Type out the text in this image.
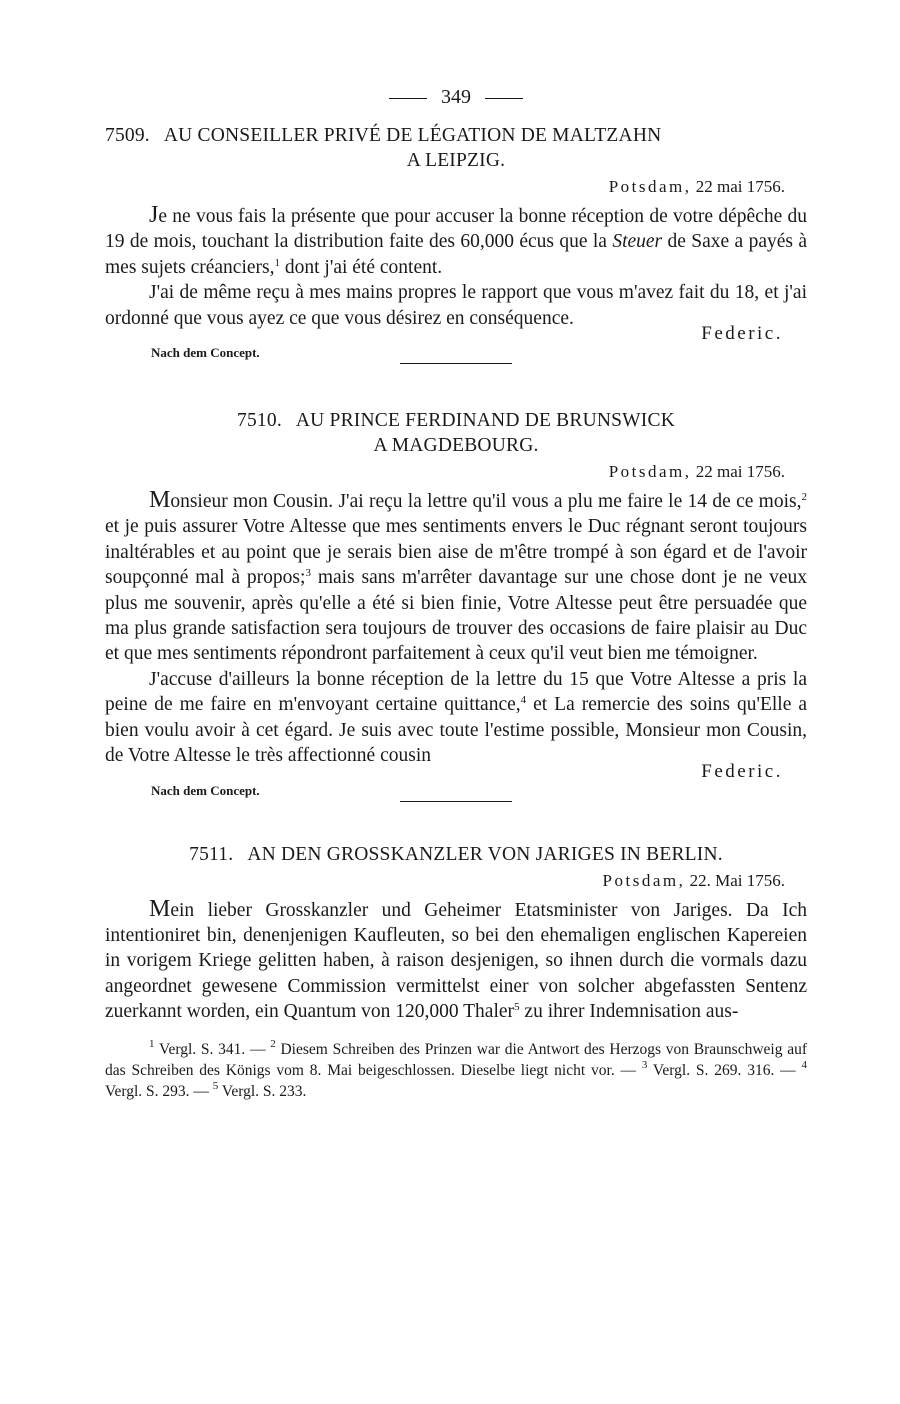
349
7509. AU CONSEILLER PRIVÉ DE LÉGATION DE MALTZAHN
A LEIPZIG.
Potsdam, 22 mai 1756.

Je ne vous fais la présente que pour accuser la bonne réception de votre dépêche du 19 de mois, touchant la distribution faite des 60,000 écus que la Steuer de Saxe a payés à mes sujets créanciers,$^1$ dont j'ai été content.

J'ai de même reçu à mes mains propres le rapport que vous m'avez fait du 18, et j'ai ordonné que vous ayez ce que vous désirez en conséquence.

Federic.
Nach dem Concept.
7510. AU PRINCE FERDINAND DE BRUNSWICK
A MAGDEBOURG.
Potsdam, 22 mai 1756.

Monsieur mon Cousin. J'ai reçu la lettre qu'il vous a plu me faire le 14 de ce mois,$^2$ et je puis assurer Votre Altesse que mes sentiments envers le Duc régnant seront toujours inaltérables et au point que je serais bien aise de m'être trompé à son égard et de l'avoir soupçonné mal à propos;$^3$ mais sans m'arrêter davantage sur une chose dont je ne veux plus me souvenir, après qu'elle a été si bien finie, Votre Altesse peut être persuadée que ma plus grande satisfaction sera toujours de trouver des occasions de faire plaisir au Duc et que mes sentiments répondront parfaitement à ceux qu'il veut bien me témoigner.

J'accuse d'ailleurs la bonne réception de la lettre du 15 que Votre Altesse a pris la peine de me faire en m'envoyant certaine quittance,$^4$ et La remercie des soins qu'Elle a bien voulu avoir à cet égard. Je suis avec toute l'estime possible, Monsieur mon Cousin, de Votre Altesse le très affectionné cousin

Federic.
Nach dem Concept.
7511. AN DEN GROSSKANZLER VON JARIGES IN BERLIN.
Potsdam, 22. Mai 1756.

Mein lieber Grosskanzler und Geheimer Etatsminister von Jariges. Da Ich intentioniret bin, denenjenigen Kaufleuten, so bei den ehemaligen englischen Kapereien in vorigem Kriege gelitten haben, à raison desjenigen, so ihnen durch die vormals dazu angeordnet gewesene Commission vermittelst einer von solcher abgefassten Sentenz zuerkannt worden, ein Quantum von 120,000 Thaler$^5$ zu ihrer Indemnisation aus-

$^1$ Vergl. S. 341. — $^2$ Diesem Schreiben des Prinzen war die Antwort des Herzogs von Braunschweig auf das Schreiben des Königs vom 8. Mai beigeschlossen. Dieselbe liegt nicht vor. — $^3$ Vergl. S. 269. 316. — $^4$ Vergl. S. 293. — $^5$ Vergl. S. 233.
